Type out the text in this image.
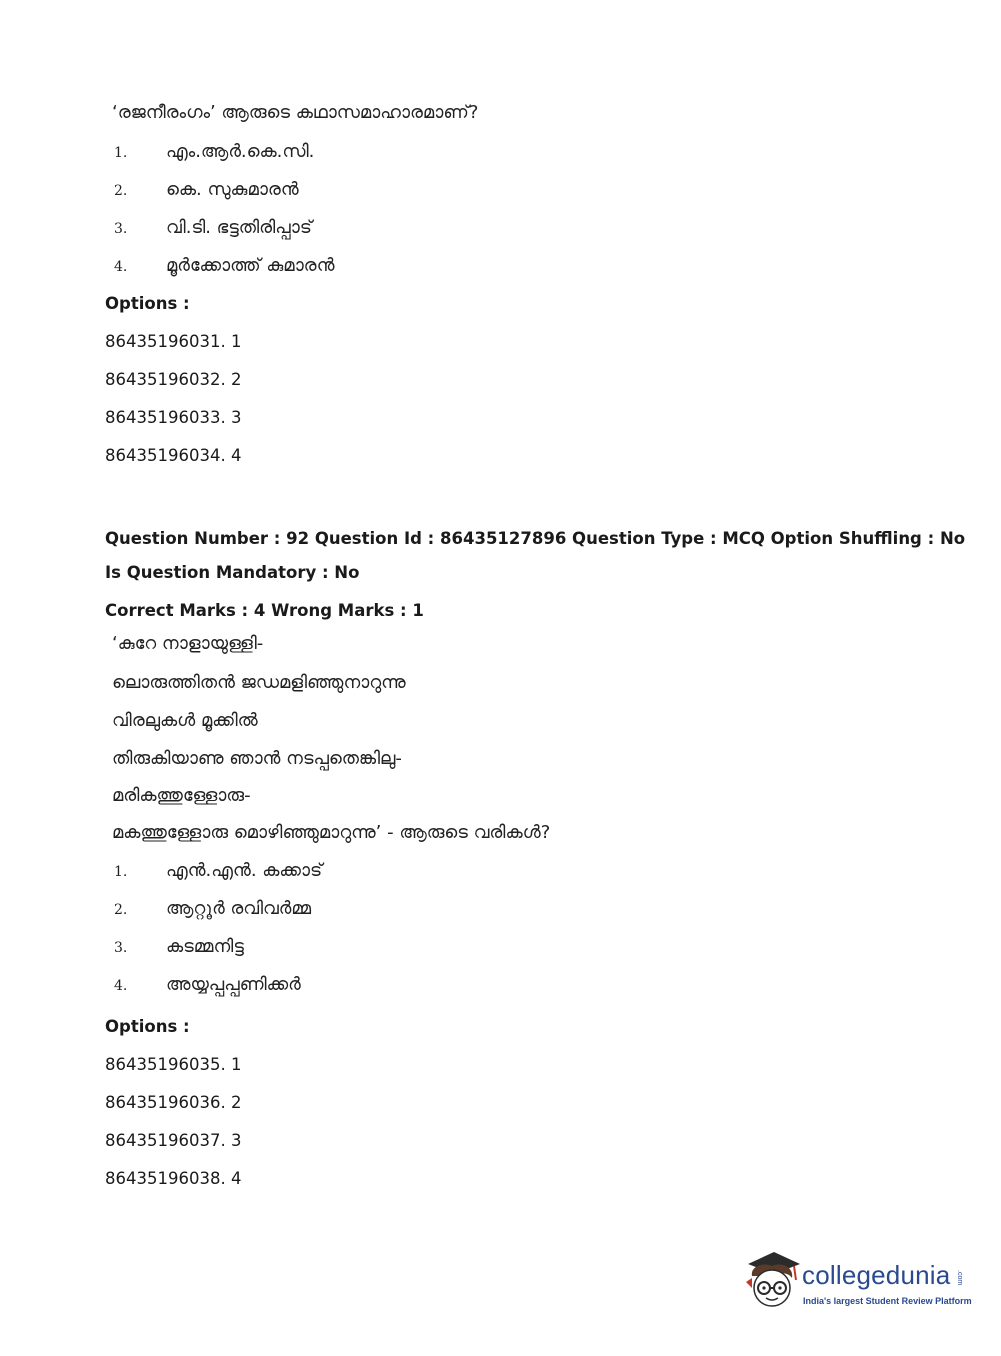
‘രജനീരംഗം’ ആരുടെ കഥാസമാഹാരമാണ്?
1. എം.ആർ.കെ.സി.
2. കെ. സുകുമാരൻ
3. വി.ടി. ഭട്ടതിരിപ്പാട്
4. മൂർക്കോത്ത് കുമാരൻ
Options :
86435196031. 1
86435196032. 2
86435196033. 3
86435196034. 4
Question Number : 92 Question Id : 86435127896 Question Type : MCQ Option Shuffling : No
Is Question Mandatory : No
Correct Marks : 4 Wrong Marks : 1
‘കുറേ നാളായുള്ളി-
ലൊരുത്തിതൻ ജഡമളിഞ്ഞുനാറുന്നു
വിരലുകൾ മൂക്കിൽ
തിരുകിയാണു ഞാൻ നടപ്പതെങ്കിലു-
മരികത്തുള്ളോരു-
മകത്തുള്ളോരു മൊഴിഞ്ഞുമാറുന്നു’ - ആരുടെ വരികൾ?
1. എൻ.എൻ. കക്കാട്
2. ആറ്റൂർ രവിവർമ്മ
3. കടമ്മനിട്ട
4. അയ്യപ്പപ്പണിക്കർ
Options :
86435196035. 1
86435196036. 2
86435196037. 3
86435196038. 4
collegedunia .com
India's largest Student Review Platform
